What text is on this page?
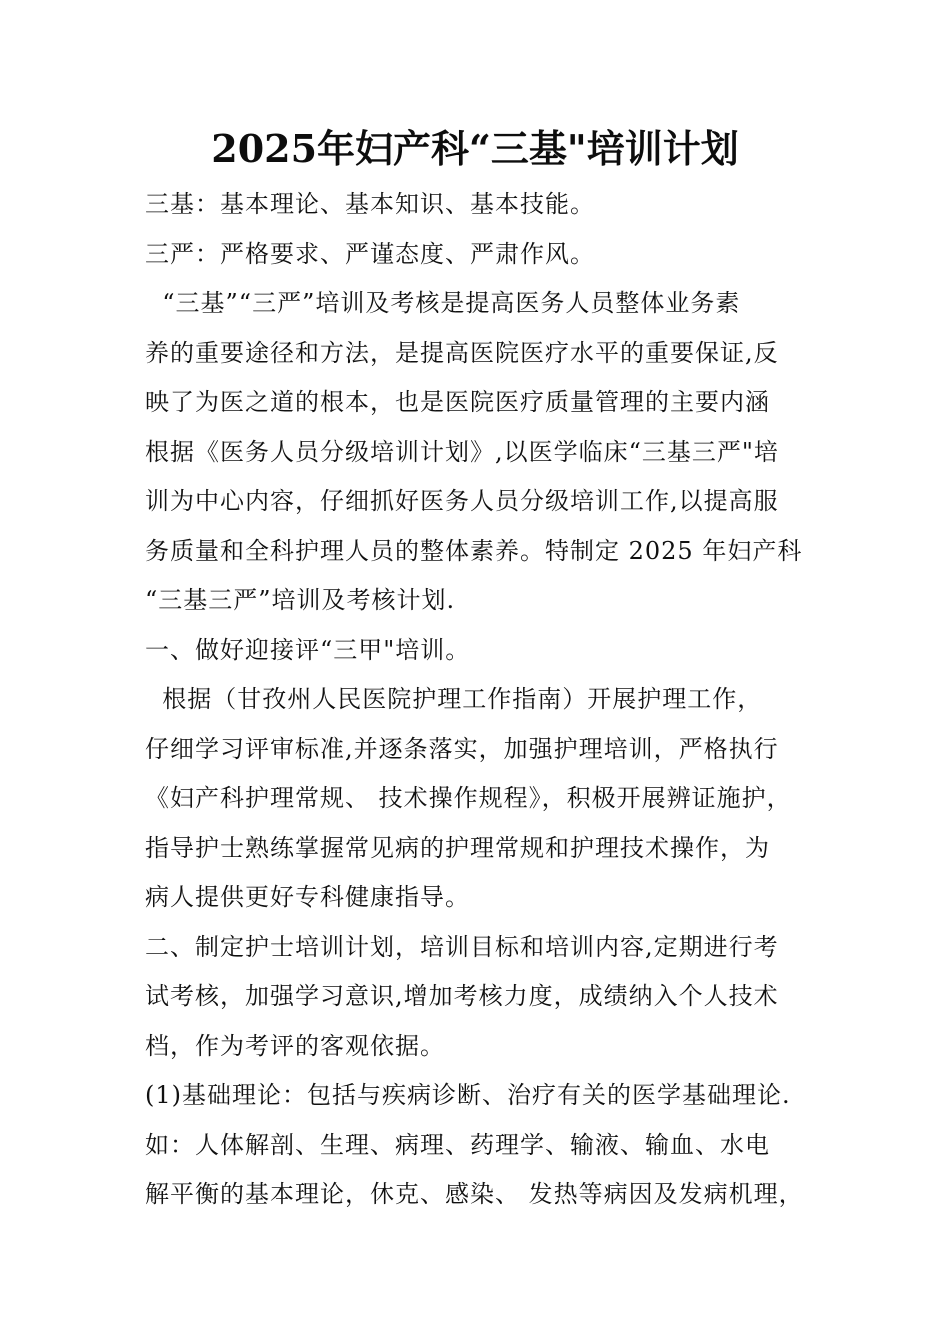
2025年妇产科“三基"培训计划
三基：基本理论、基本知识、基本技能。
三严：严格要求、严谨态度、严肃作风。
“三基”“三严”培训及考核是提高医务人员整体业务素
养的重要途径和方法，是提高医院医疗水平的重要保证,反
映了为医之道的根本，也是医院医疗质量管理的主要内涵
根据《医务人员分级培训计划》,以医学临床“三基三严"培
训为中心内容，仔细抓好医务人员分级培训工作,以提高服
务质量和全科护理人员的整体素养。特制定 2025 年妇产科
“三基三严”培训及考核计划.
一、做好迎接评“三甲"培训。
根据（甘孜州人民医院护理工作指南）开展护理工作，
仔细学习评审标准,并逐条落实，加强护理培训，严格执行
《妇产科护理常规、 技术操作规程》，积极开展辨证施护，
指导护士熟练掌握常见病的护理常规和护理技术操作，为
病人提供更好专科健康指导。
二、制定护士培训计划，培训目标和培训内容,定期进行考
试考核，加强学习意识,增加考核力度，成绩纳入个人技术
档，作为考评的客观依据。
(1)基础理论：包括与疾病诊断、治疗有关的医学基础理论.
如：人体解剖、生理、病理、药理学、输液、输血、水电
解平衡的基本理论，休克、感染、 发热等病因及发病机理，
